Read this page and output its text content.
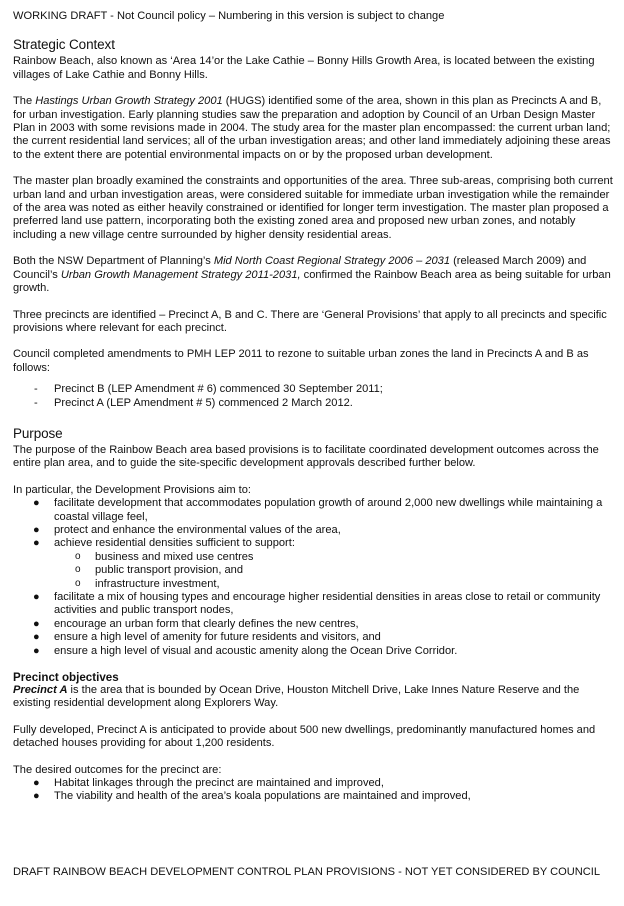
WORKING DRAFT - Not Council policy – Numbering in this version is subject to change
Strategic Context

Rainbow Beach, also known as ‘Area 14’or the Lake Cathie – Bonny Hills Growth Area, is located between the existing villages of Lake Cathie and Bonny Hills.

The Hastings Urban Growth Strategy 2001 (HUGS) identified some of the area, shown in this plan as Precincts A and B, for urban investigation. Early planning studies saw the preparation and adoption by Council of an Urban Design Master Plan in 2003 with some revisions made in 2004. The study area for the master plan encompassed: the current urban land; the current residential land services; all of the urban investigation areas; and other land immediately adjoining these areas to the extent there are potential environmental impacts on or by the proposed urban development.

The master plan broadly examined the constraints and opportunities of the area. Three sub-areas, comprising both current urban land and urban investigation areas, were considered suitable for immediate urban investigation while the remainder of the area was noted as either heavily constrained or identified for longer term investigation. The master plan proposed a preferred land use pattern, incorporating both the existing zoned area and proposed new urban zones, and notably including a new village centre surrounded by higher density residential areas.

Both the NSW Department of Planning’s Mid North Coast Regional Strategy 2006 – 2031 (released March 2009) and Council’s Urban Growth Management Strategy 2011-2031, confirmed the Rainbow Beach area as being suitable for urban growth.

Three precincts are identified – Precinct A, B and C. There are ‘General Provisions’ that apply to all precincts and specific provisions where relevant for each precinct.

Council completed amendments to PMH LEP 2011 to rezone to suitable urban zones the land in Precincts A and B as follows:

- Precinct B (LEP Amendment # 6) commenced 30 September 2011;
- Precinct A (LEP Amendment # 5) commenced 2 March 2012.
Purpose

The purpose of the Rainbow Beach area based provisions is to facilitate coordinated development outcomes across the entire plan area, and to guide the site-specific development approvals described further below.

In particular, the Development Provisions aim to:

● facilitate development that accommodates population growth of around 2,000 new dwellings while maintaining a coastal village feel,
● protect and enhance the environmental values of the area,
● achieve residential densities sufficient to support:
o business and mixed use centres
o public transport provision, and
o infrastructure investment,
● facilitate a mix of housing types and encourage higher residential densities in areas close to retail or community activities and public transport nodes,
● encourage an urban form that clearly defines the new centres,
● ensure a high level of amenity for future residents and visitors, and
● ensure a high level of visual and acoustic amenity along the Ocean Drive Corridor.
Precinct objectives

Precinct A is the area that is bounded by Ocean Drive, Houston Mitchell Drive, Lake Innes Nature Reserve and the existing residential development along Explorers Way.

Fully developed, Precinct A is anticipated to provide about 500 new dwellings, predominantly manufactured homes and detached houses providing for about 1,200 residents.

The desired outcomes for the precinct are:

● Habitat linkages through the precinct are maintained and improved,
● The viability and health of the area’s koala populations are maintained and improved,
DRAFT RAINBOW BEACH DEVELOPMENT CONTROL PLAN PROVISIONS - NOT YET CONSIDERED BY COUNCIL
